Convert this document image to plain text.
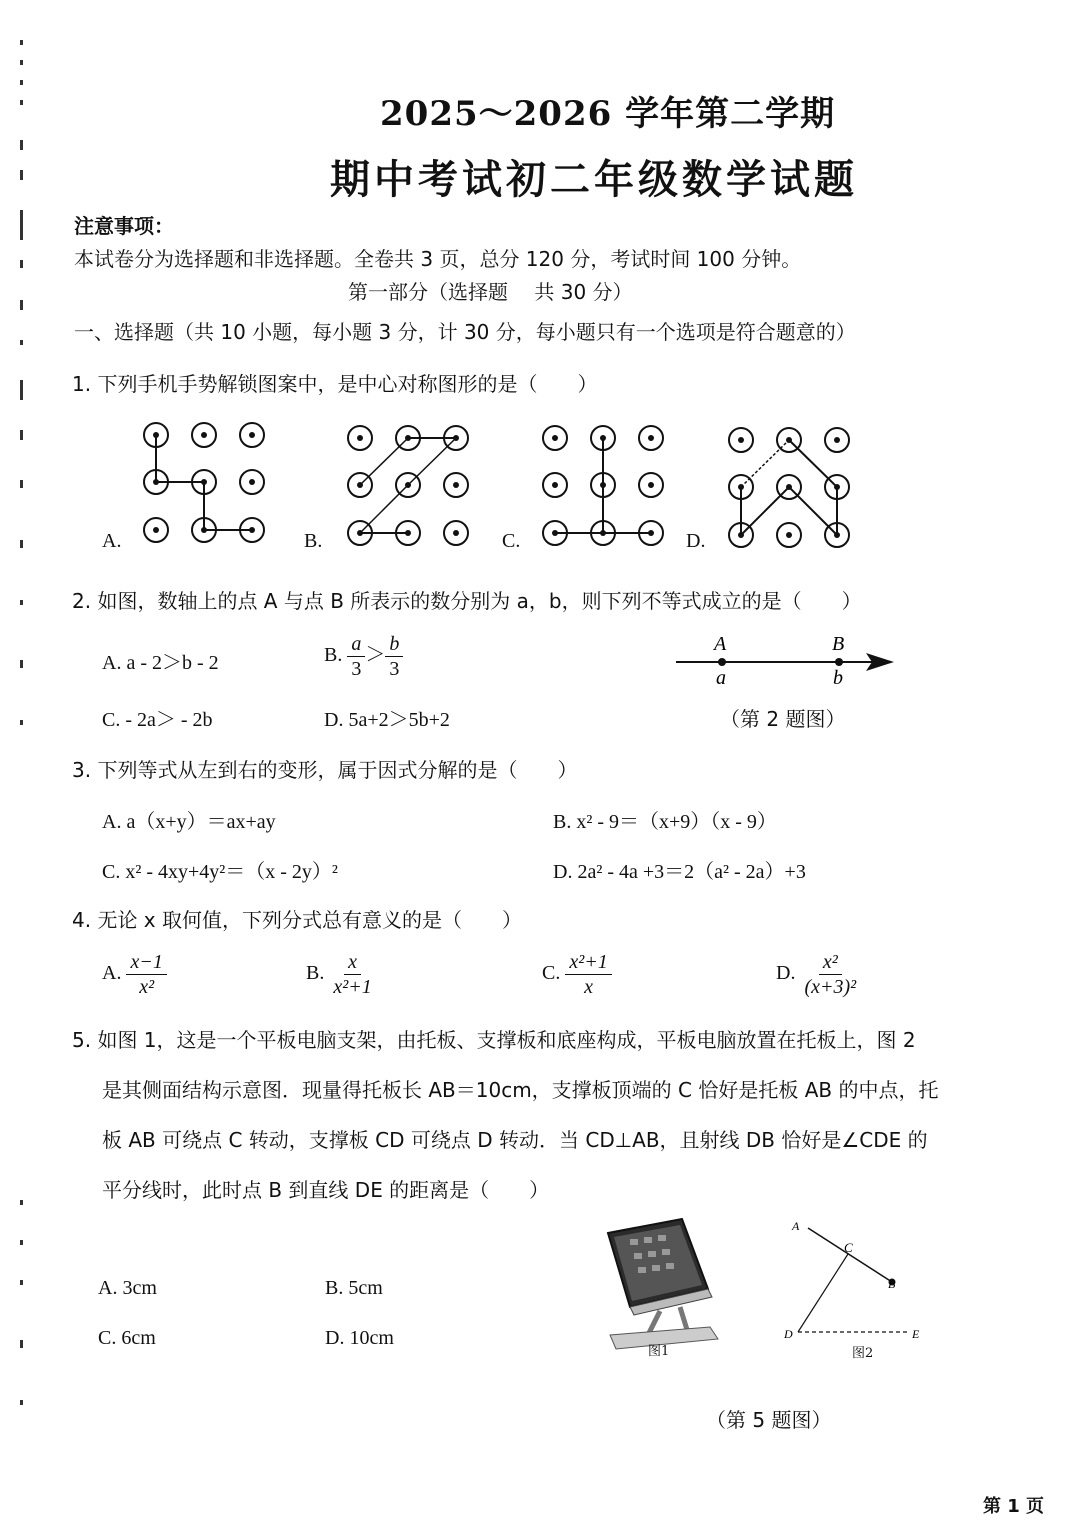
2025～2026 学年第二学期
期中考试初二年级数学试题
注意事项：
本试卷分为选择题和非选择题。全卷共 3 页，总分 120 分，考试时间 100 分钟。
第一部分（选择题　 共 30 分）
一、选择题（共 10 小题，每小题 3 分，计 30 分，每小题只有一个选项是符合题意的）
1. 下列手机手势解锁图案中，是中心对称图形的是（　　）
A.	B.	C.	D.
2. 如图，数轴上的点 A 与点 B 所表示的数分别为 a，b，则下列不等式成立的是（　　）
A. a - 2＞b - 2	B. $\frac{a}{3} > \frac{b}{3}$
C. - 2a＞ - 2b	D. 5a+2＞5b+2
A	B
a	b
（第 2 题图）
3. 下列等式从左到右的变形，属于因式分解的是（　　）
A. a（x+y）＝ax+ay	B. x² - 9＝（x+9）（x - 9）
C. x² - 4xy+4y²＝（x - 2y）²	D. 2a² - 4a +3＝2（a² - 2a）+3
4. 无论 x 取何值，下列分式总有意义的是（　　）
A. $\frac{x-1}{\text{x²}}$	B. $\frac{x}{\text{x²+1}}$	C. $\frac{\text{x²+1}}{x}$	D. $\frac{\text{x²}}{\text{(x+3)²}}$
5. 如图 1，这是一个平板电脑支架，由托板、支撑板和底座构成，平板电脑放置在托板上，图 2
是其侧面结构示意图．现量得托板长 AB＝10cm，支撑板顶端的 C 恰好是托板 AB 的中点，托
板 AB 可绕点 C 转动，支撑板 CD 可绕点 D 转动．当 CD⊥AB，且射线 DB 恰好是∠CDE 的
平分线时，此时点 B 到直线 DE 的距离是（　　）
A. 3cm	B. 5cm
C. 6cm	D. 10cm
图1
A
C
B
D	E
图2
（第 5 题图）
第 1 页
